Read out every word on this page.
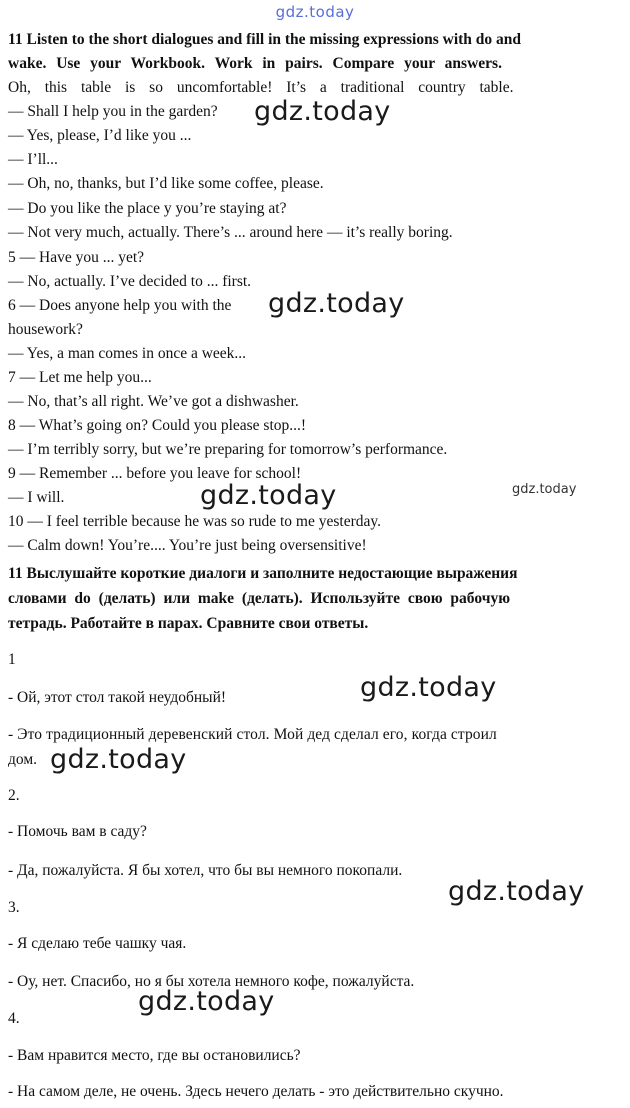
gdz.today
11 Listen to the short dialogues and fill in the missing expressions with do and
wake. Use your Workbook. Work in pairs. Compare your answers.
Oh, this table is so uncomfortable! It’s a traditional country table.
— Shall I help you in the garden?
— Yes, please, I’d like you ...
— I’ll...
— Oh, no, thanks, but I’d like some coffee, please.
— Do you like the place y you’re staying at?
— Not very much, actually. There’s ... around here — it’s really boring.
5 — Have you ... yet?
— No, actually. I’ve decided to ... first.
6 — Does anyone help you with the
housework?
— Yes, a man comes in once a week...
7 — Let me help you...
— No, that’s all right. We’ve got a dishwasher.
8 — What’s going on? Could you please stop...!
— I’m terribly sorry, but we’re preparing for tomorrow’s performance.
9 — Remember ... before you leave for school!
— I will.
10 — I feel terrible because he was so rude to me yesterday.
— Calm down! You’re.... You’re just being oversensitive!
11 Выслушайте короткие диалоги и заполните недостающие выражения
словами do (делать) или make (делать). Используйте свою рабочую
тетрадь. Работайте в парах. Сравните свои ответы.
1
- Ой, этот стол такой неудобный!
- Это традиционный деревенский стол. Мой дед сделал его, когда строил
дом.
2.
- Помочь вам в саду?
- Да, пожалуйста. Я бы хотел, что бы вы немного покопали.
3.
- Я сделаю тебе чашку чая.
- Оу, нет. Спасибо, но я бы хотела немного кофе, пожалуйста.
4.
- Вам нравится место, где вы остановились?
- На самом деле, не очень. Здесь нечего делать - это действительно скучно.
gdz.today
gdz.today
gdz.today	gdz.today
gdz.today
gdz.today
gdz.today
gdz.today
